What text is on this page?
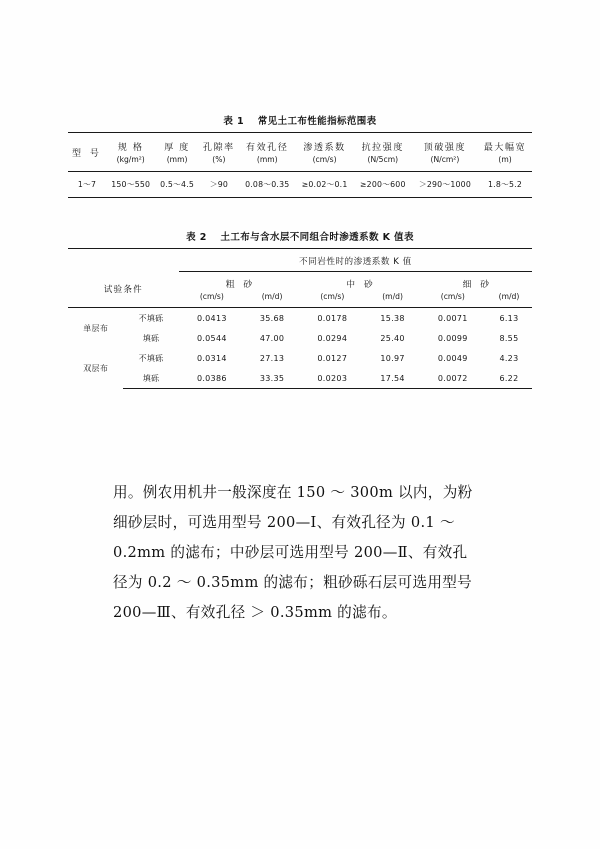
表 1 常见土工布性能指标范围表
型 号	规 格	厚 度	孔隙率	有效孔径	渗透系数	抗拉强度	顶破强度	最大幅宽
	(kg/m²)	(mm)	(%)	(mm)	(cm/s)	(N/5cm)	(N/cm²)	(m)
1～7	150～550	0.5～4.5	＞90	0.08～0.35	≥0.02～0.1	≥200～600	＞290～1000	1.8～5.2
表 2 土工布与含水层不同组合时渗透系数 K 值表
		不同岩性时的渗透系数 K 值					
试验条件		粗　砂		中　砂		细　砂	
		(cm/s)	(m/d)	(cm/s)	(m/d)	(cm/s)	(m/d)
单层布	不填砾	0.0413	35.68	0.0178	15.38	0.0071	6.13
	填砾	0.0544	47.00	0.0294	25.40	0.0099	8.55
双层布	不填砾	0.0314	27.13	0.0127	10.97	0.0049	4.23
	填砾	0.0386	33.35	0.0203	17.54	0.0072	6.22
用。例农用机井一般深度在 150 ～ 300m 以内，为粉
细砂层时，可选用型号 200—Ⅰ、有效孔径为 0.1 ～
0.2mm 的滤布；中砂层可选用型号 200—Ⅱ、有效孔
径为 0.2 ～ 0.35mm 的滤布；粗砂砾石层可选用型号
200—Ⅲ、有效孔径 ＞ 0.35mm 的滤布。
